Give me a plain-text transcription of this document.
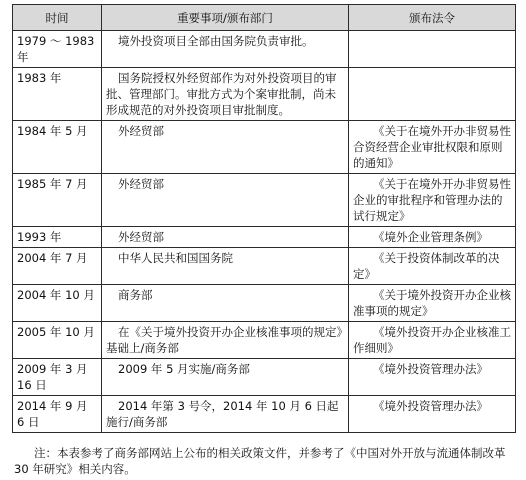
时间	重要事项/颁布部门	颁布法令
1979 ～ 1983 年	境外投资项目全部由国务院负责审批。	
1983 年	国务院授权外经贸部作为对外投资项目的审批、管理部门。审批方式为个案审批制，尚未形成规范的对外投资项目审批制度。	
1984 年 5 月	外经贸部	《关于在境外开办非贸易性合资经营企业审批权限和原则的通知》
1985 年 7 月	外经贸部	《关于在境外开办非贸易性企业的审批程序和管理办法的试行规定》
1993 年	外经贸部	《境外企业管理条例》
2004 年 7 月	中华人民共和国国务院	《关于投资体制改革的决定》
2004 年 10 月	商务部	《关于境外投资开办企业核准事项的规定》
2005 年 10 月	在《关于境外投资开办企业核准事项的规定》基础上/商务部	《境外投资开办企业核准工作细则》
2009 年 3 月 16 日	2009 年 5 月实施/商务部	《境外投资管理办法》
2014 年 9 月 6 日	2014 年第 3 号令，2014 年 10 月 6 日起施行/商务部	《境外投资管理办法》
注：本表参考了商务部网站上公布的相关政策文件，并参考了《中国对外开放与流通体制改革 30 年研究》相关内容。
